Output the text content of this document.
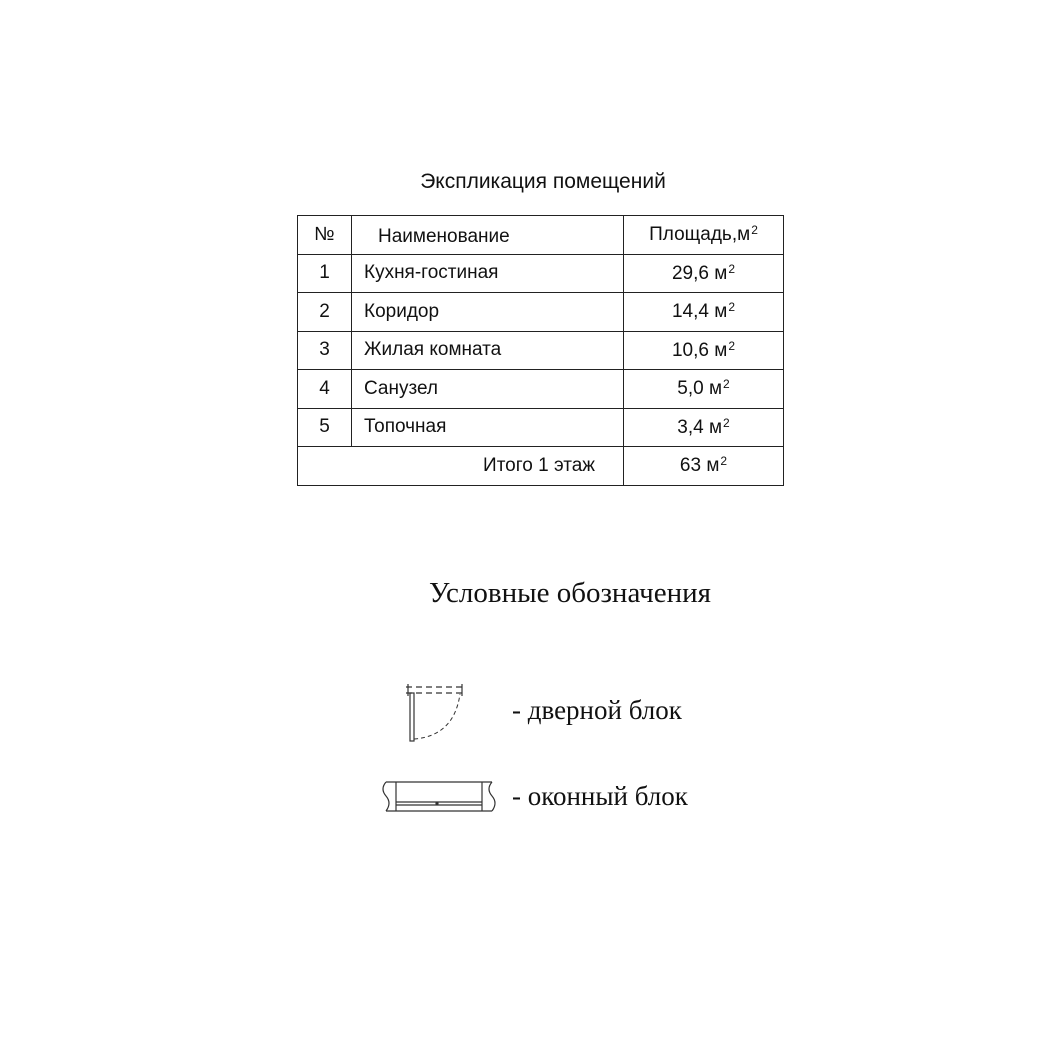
Экспликация помещений
№	Наименование	$Площадь,м^2$
1	Кухня-гостиная	29,6 $м^2$
2	Коридор	14,4 $м^2$
3	Жилая комната	10,6 $м^2$
4	Санузел	5,0 $м^2$
5	Топочная	3,4 $м^2$
Итого 1 этаж		63 $м^2$
Условные обозначения
- дверной блок
- оконный блок
